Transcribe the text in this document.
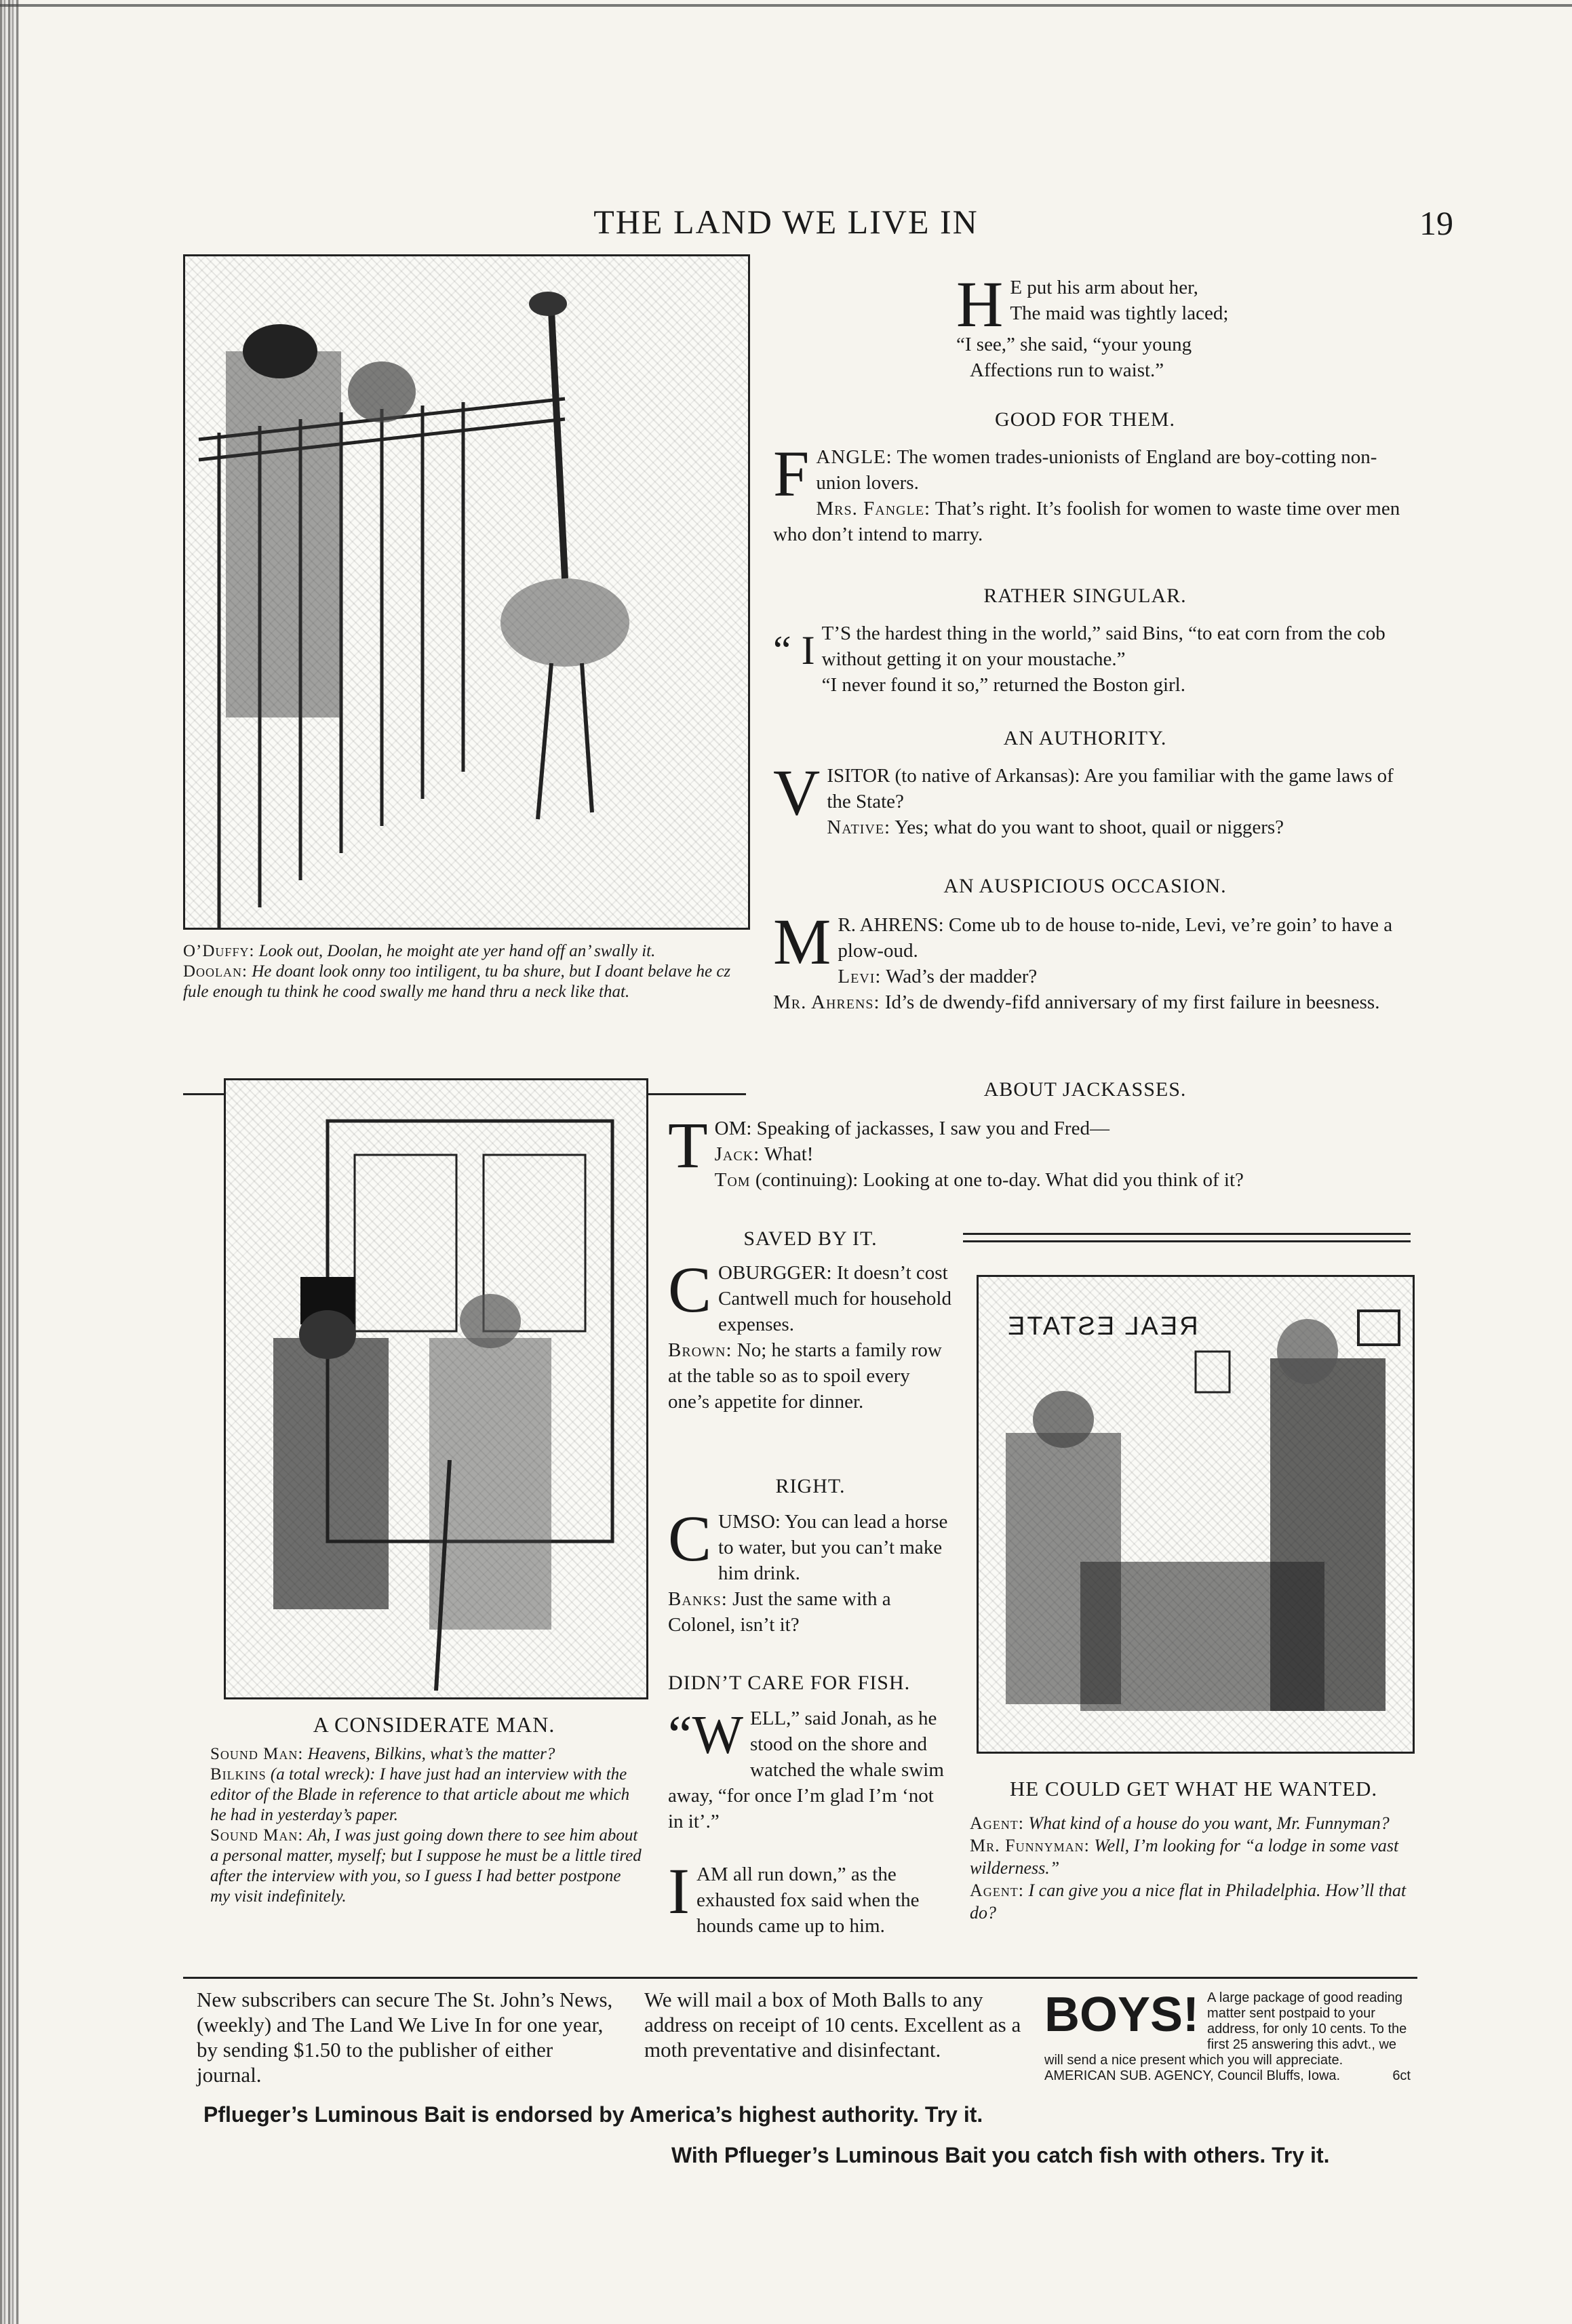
THE LAND WE LIVE IN	19
O’Duffy: Look out, Doolan, he moight ate yer hand off an’ swally it.
Doolan: He doant look onny too intiligent, tu ba shure, but I doant belave he cz fule enough tu think he cood swally me hand thru a neck like that.
H E put his arm about her,
The maid was tightly laced;
“I see,” she said, “your young
Affections run to waist.”
GOOD FOR THEM.
F ANGLE: The women trades-unionists of England are boy-cotting non-union lovers.
Mrs. Fangle: That’s right. It’s foolish for women to waste time over men who don’t intend to marry.
RATHER SINGULAR.
“ I T’S the hardest thing in the world,” said Bins, “to eat corn from the cob without getting it on your moustache.”
“I never found it so,” returned the Boston girl.
AN AUTHORITY.
V ISITOR (to native of Arkansas): Are you familiar with the game laws of the State?
Native: Yes; what do you want to shoot, quail or niggers?
AN AUSPICIOUS OCCASION.
M R. AHRENS: Come ub to de house to-nide, Levi, ve’re goin’ to have a plow-oud.
Levi: Wad’s der madder?
Mr. Ahrens: Id’s de dwendy-fifd anniversary of my first failure in beesness.
ABOUT JACKASSES.
T OM: Speaking of jackasses, I saw you and Fred—
Jack: What!
Tom (continuing): Looking at one to-day. What did you think of it?
A CONSIDERATE MAN.
Sound Man: Heavens, Bilkins, what’s the matter?
Bilkins (a total wreck): I have just had an interview with the editor of the Blade in reference to that article about me which he had in yesterday’s paper.
Sound Man: Ah, I was just going down there to see him about a personal matter, myself; but I suppose he must be a little tired after the interview with you, so I guess I had better postpone my visit indefinitely.
SAVED BY IT.
C OBURGGER: It doesn’t cost Cantwell much for household expenses.
Brown: No; he starts a family row at the table so as to spoil every one’s appetite for dinner.
RIGHT.
C UMSO: You can lead a horse to water, but you can’t make him drink.
Banks: Just the same with a Colonel, isn’t it?
DIDN’T CARE FOR FISH.
“W ELL,” said Jonah, as he stood on the shore and watched the whale swim away, “for once I’m glad I’m ‘not in it’.”
I AM all run down,” as the exhausted fox said when the hounds came up to him.
REAL ESTATE
HE COULD GET WHAT HE WANTED.
Agent: What kind of a house do you want, Mr. Funnyman?
Mr. Funnyman: Well, I’m looking for “a lodge in some vast wilderness.”
Agent: I can give you a nice flat in Philadelphia. How’ll that do?
New subscribers can secure The St. John’s News, (weekly) and The Land We Live In for one year, by sending $1.50 to the publisher of either journal.
We will mail a box of Moth Balls to any address on receipt of 10 cents. Excellent as a moth preventative and disinfectant.
BOYS! A large package of good reading matter sent postpaid to your address, for only 10 cents. To the first 25 answering this advt., we will send a nice present which you will appreciate. AMERICAN SUB. AGENCY, Council Bluffs, Iowa.	6ct
Pflueger’s Luminous Bait is endorsed by America’s highest authority. Try it.
With Pflueger’s Luminous Bait you catch fish with others. Try it.
